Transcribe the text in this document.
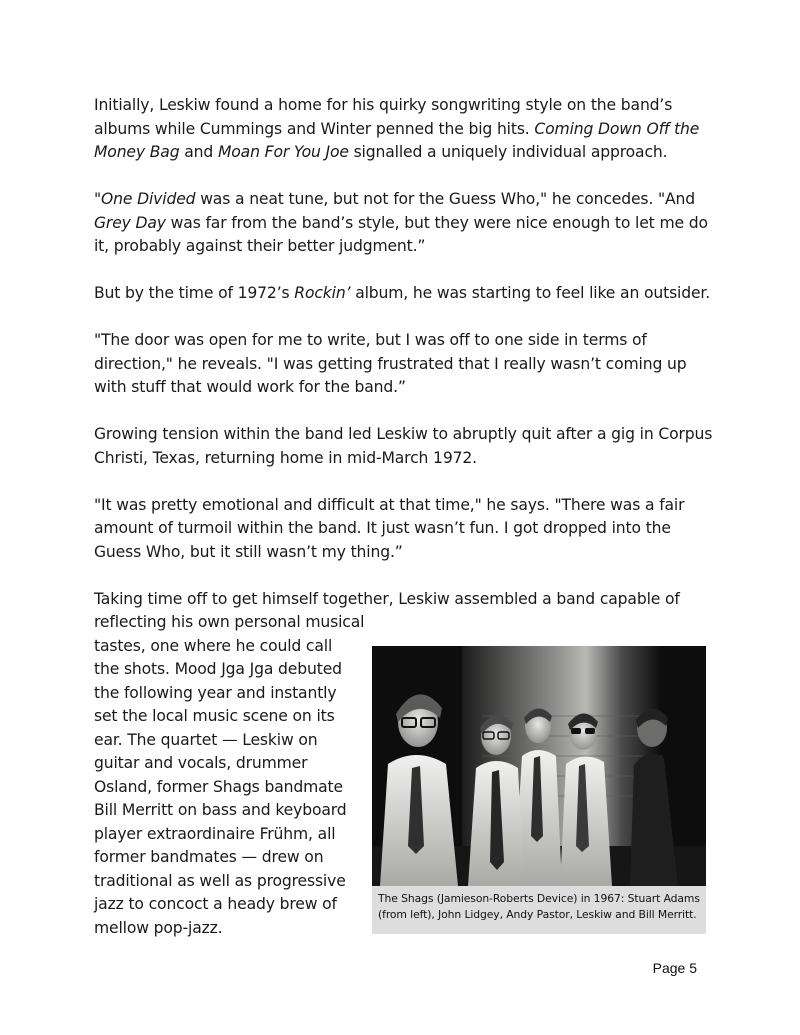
Initially, Leskiw found a home for his quirky songwriting style on the band’s albums while Cummings and Winter penned the big hits. Coming Down Off the Money Bag and Moan For You Joe signalled a uniquely individual approach.

"One Divided was a neat tune, but not for the Guess Who," he concedes. "And Grey Day was far from the band’s style, but they were nice enough to let me do it, probably against their better judgment.”

But by the time of 1972’s Rockin’ album, he was starting to feel like an outsider.

"The door was open for me to write, but I was off to one side in terms of direction," he reveals. "I was getting frustrated that I really wasn’t coming up with stuff that would work for the band.”

Growing tension within the band led Leskiw to abruptly quit after a gig in Corpus Christi, Texas, returning home in mid-March 1972.

"It was pretty emotional and difficult at that time," he says. "There was a fair amount of turmoil within the band. It just wasn’t fun. I got dropped into the Guess Who, but it still wasn’t my thing.”

Taking time off to get himself together, Leskiw assembled a band capable of
reflecting his own personal musical

tastes, one where he could call the shots. Mood Jga Jga debuted the following year and instantly set the local music scene on its ear. The quartet — Leskiw on guitar and vocals, drummer Osland, former Shags bandmate Bill Merritt on bass and keyboard player extraordinaire Frühm, all former bandmates — drew on traditional as well as progressive jazz to concoct a heady brew of mellow pop-jazz.
The Shags (Jamieson-Roberts Device) in 1967: Stuart Adams (from left), John Lidgey, Andy Pastor, Leskiw and Bill Merritt.
Page 5
